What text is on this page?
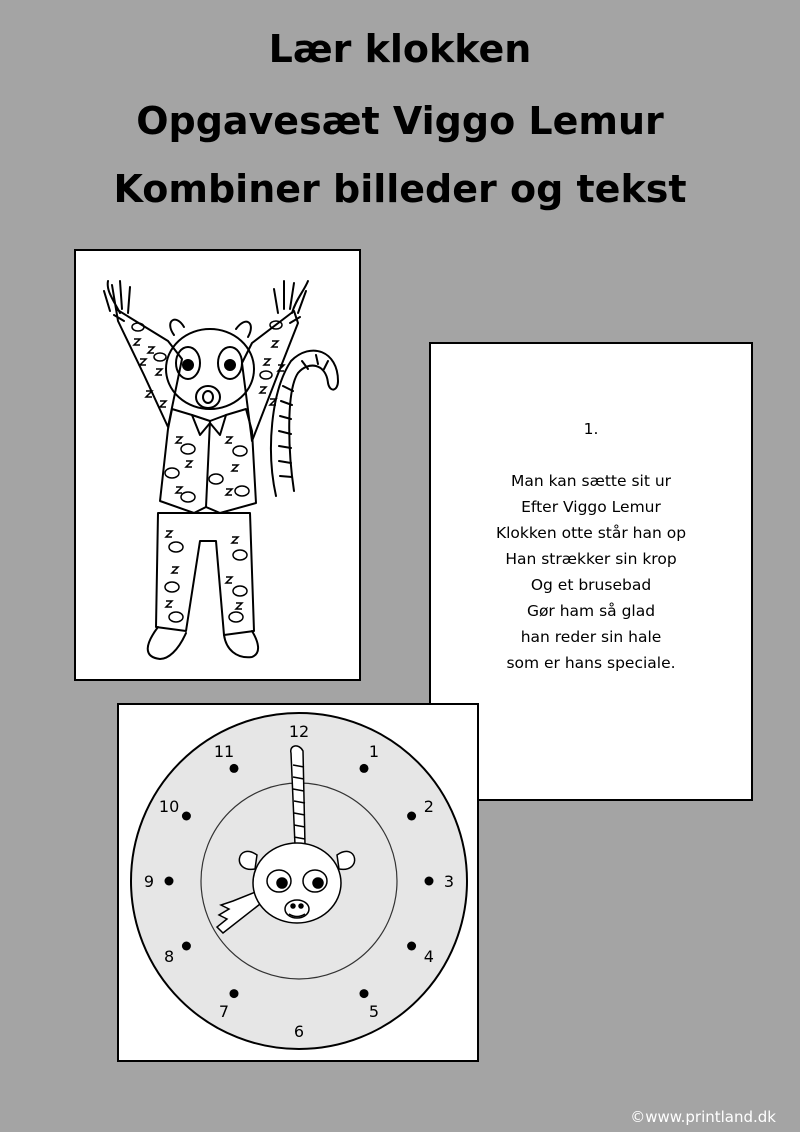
Lær klokken
Opgavesæt Viggo Lemur
Kombiner billeder og tekst
1.
Man kan sætte sit ur
Efter Viggo Lemur
Klokken otte står han op
Han strækker sin krop
Og et brusebad
Gør ham så glad
han reder sin hale
som er hans speciale.
12
1
2
3
4
5
6
7
8
9
10
11
©www.printland.dk
